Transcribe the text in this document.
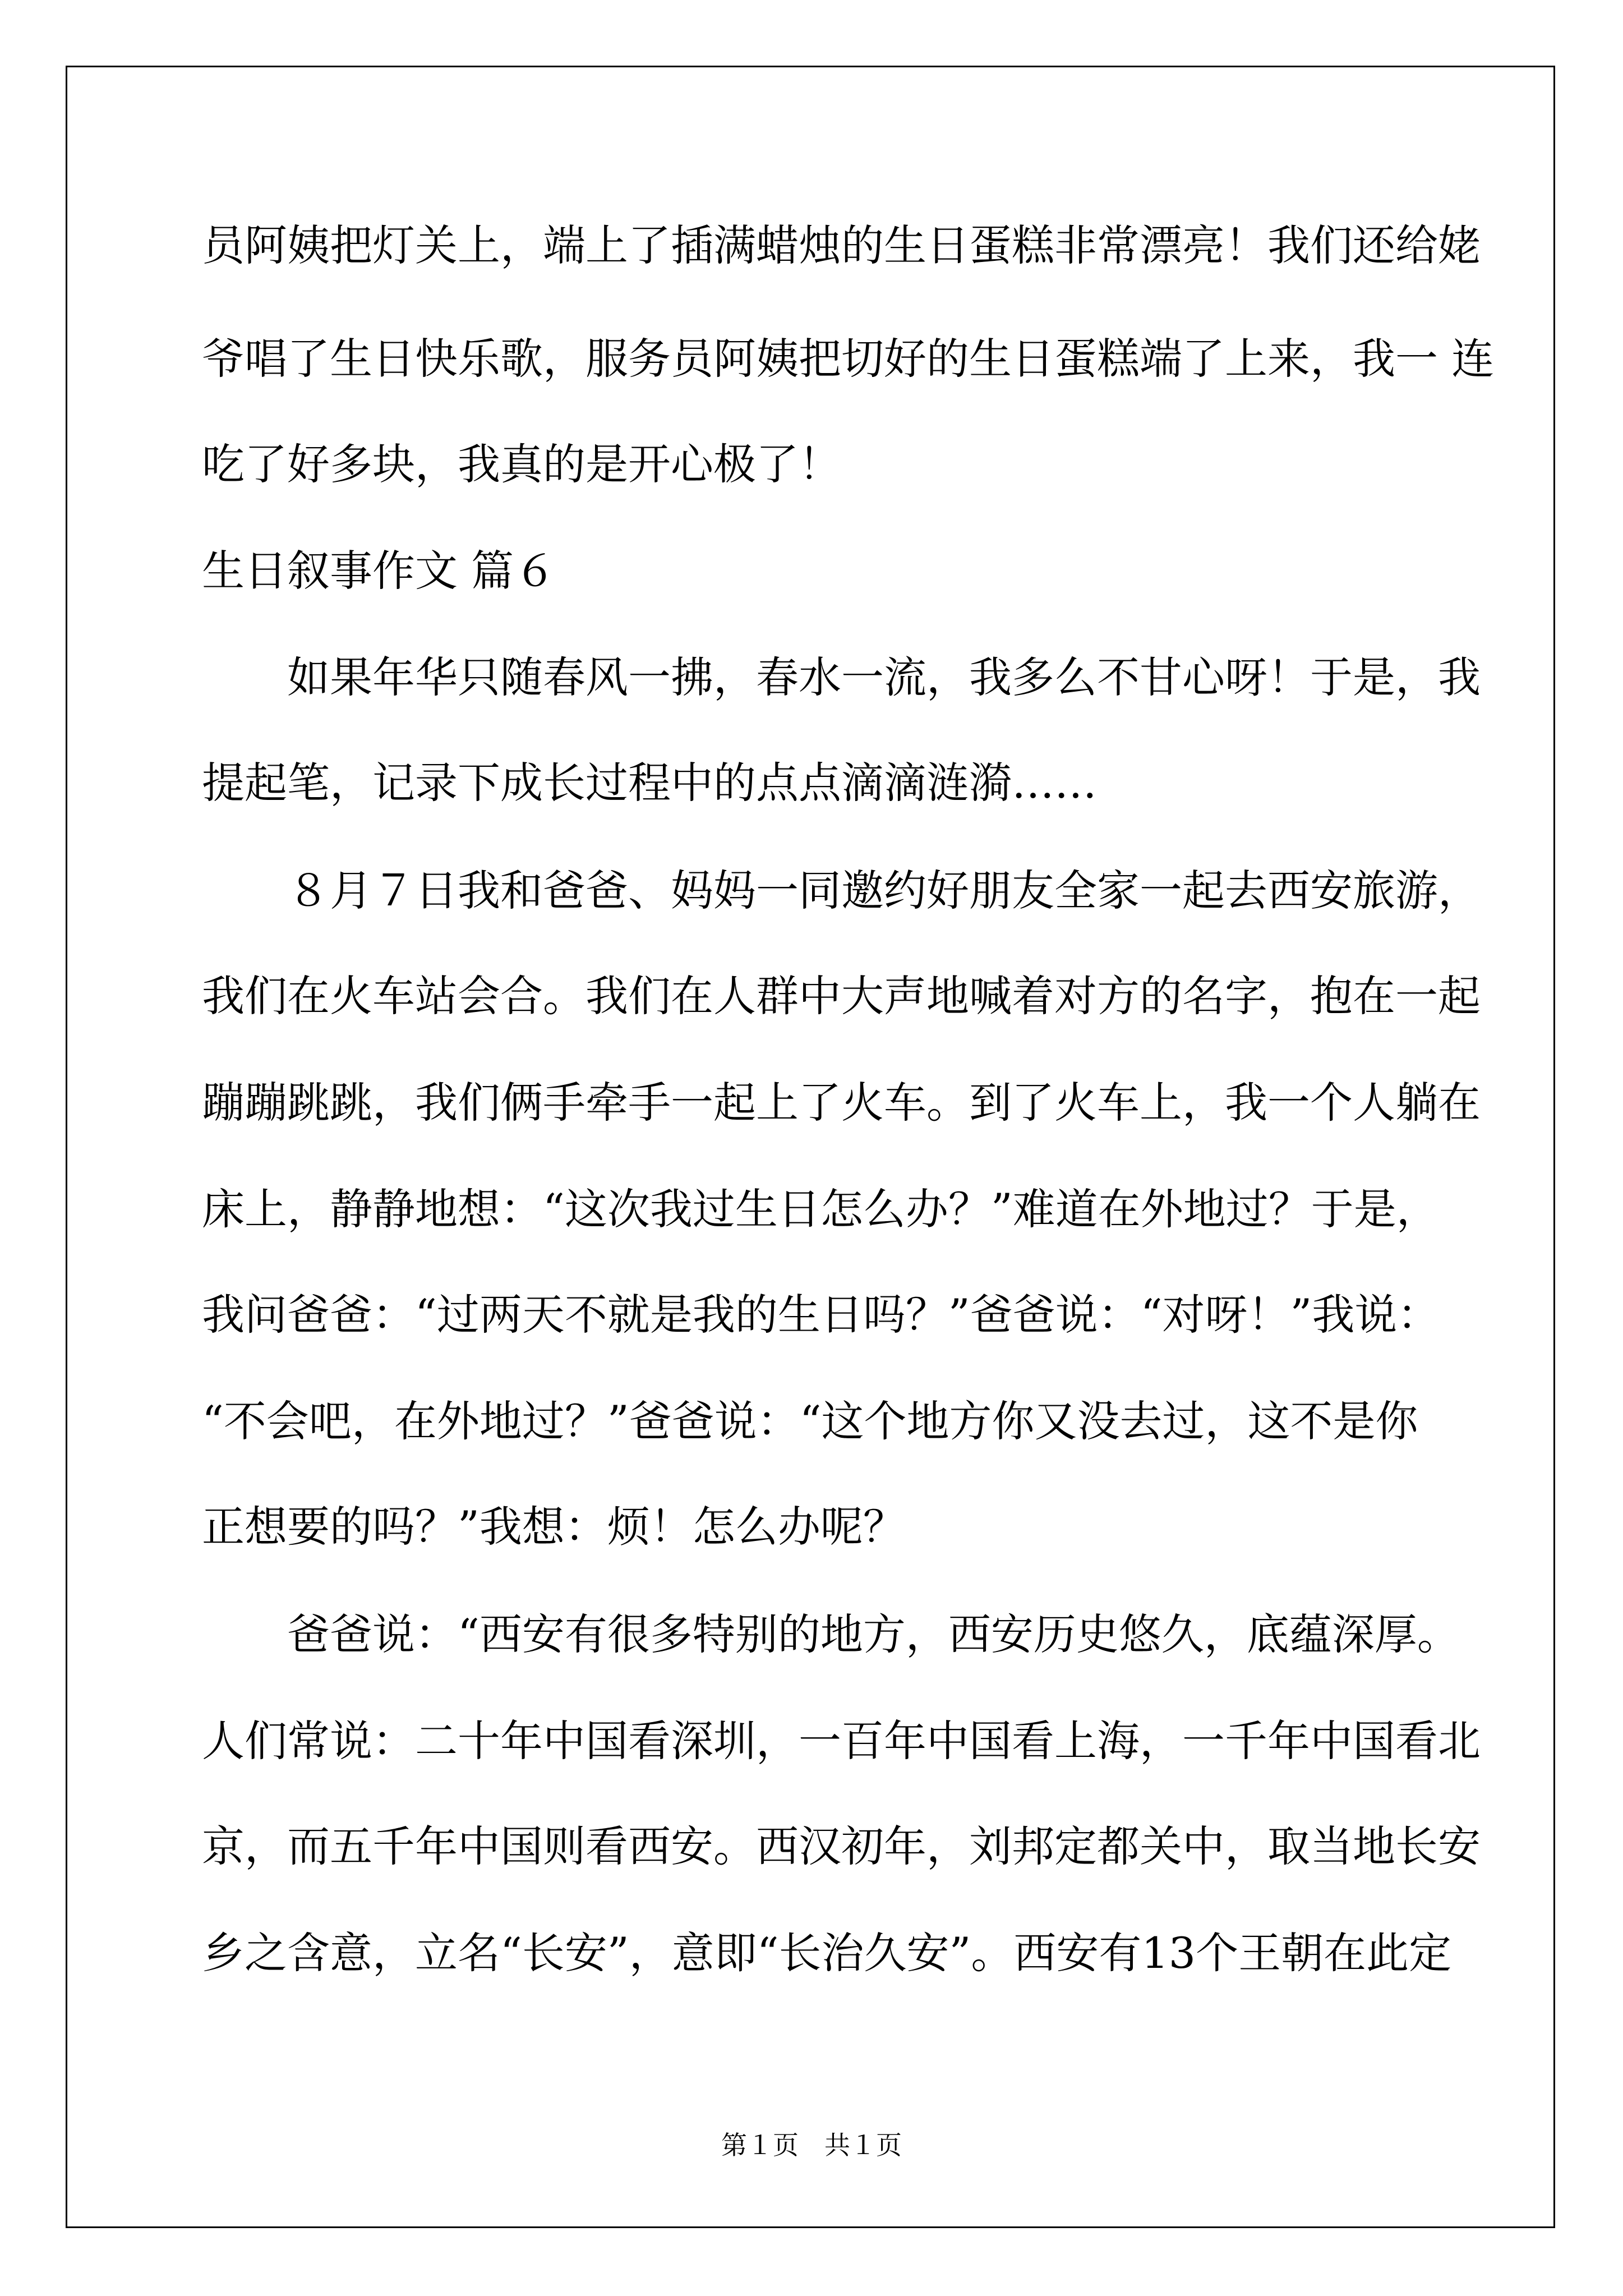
员阿姨把灯关上，端上了插满蜡烛的生日蛋糕非常漂亮！我们还给姥
爷唱了生日快乐歌，服务员阿姨把切好的生日蛋糕端了上来，我一 连
吃了好多块，我真的是开心极了！
生日叙事作文 篇６
　　如果年华只随春风一拂，春水一流，我多么不甘心呀！于是，我
提起笔，记录下成长过程中的点点滴滴涟漪……
　　８月７日我和爸爸、妈妈一同邀约好朋友全家一起去西安旅游，
我们在火车站会合。我们在人群中大声地喊着对方的名字，抱在一起
蹦蹦跳跳，我们俩手牵手一起上了火车。到了火车上，我一个人躺在
床上，静静地想：“这次我过生日怎么办？”难道在外地过？于是，
我问爸爸：“过两天不就是我的生日吗？”爸爸说：“对呀！”我说：
“不会吧，在外地过？”爸爸说：“这个地方你又没去过，这不是你
正想要的吗？”我想：烦！怎么办呢？
　　爸爸说：“西安有很多特别的地方，西安历史悠久，底蕴深厚。
人们常说：二十年中国看深圳，一百年中国看上海，一千年中国看北
京，而五千年中国则看西安。西汉初年，刘邦定都关中，取当地长安
乡之含意，立名“长安”，意即“长治久安”。西安有13个王朝在此定
第１页　共１页
